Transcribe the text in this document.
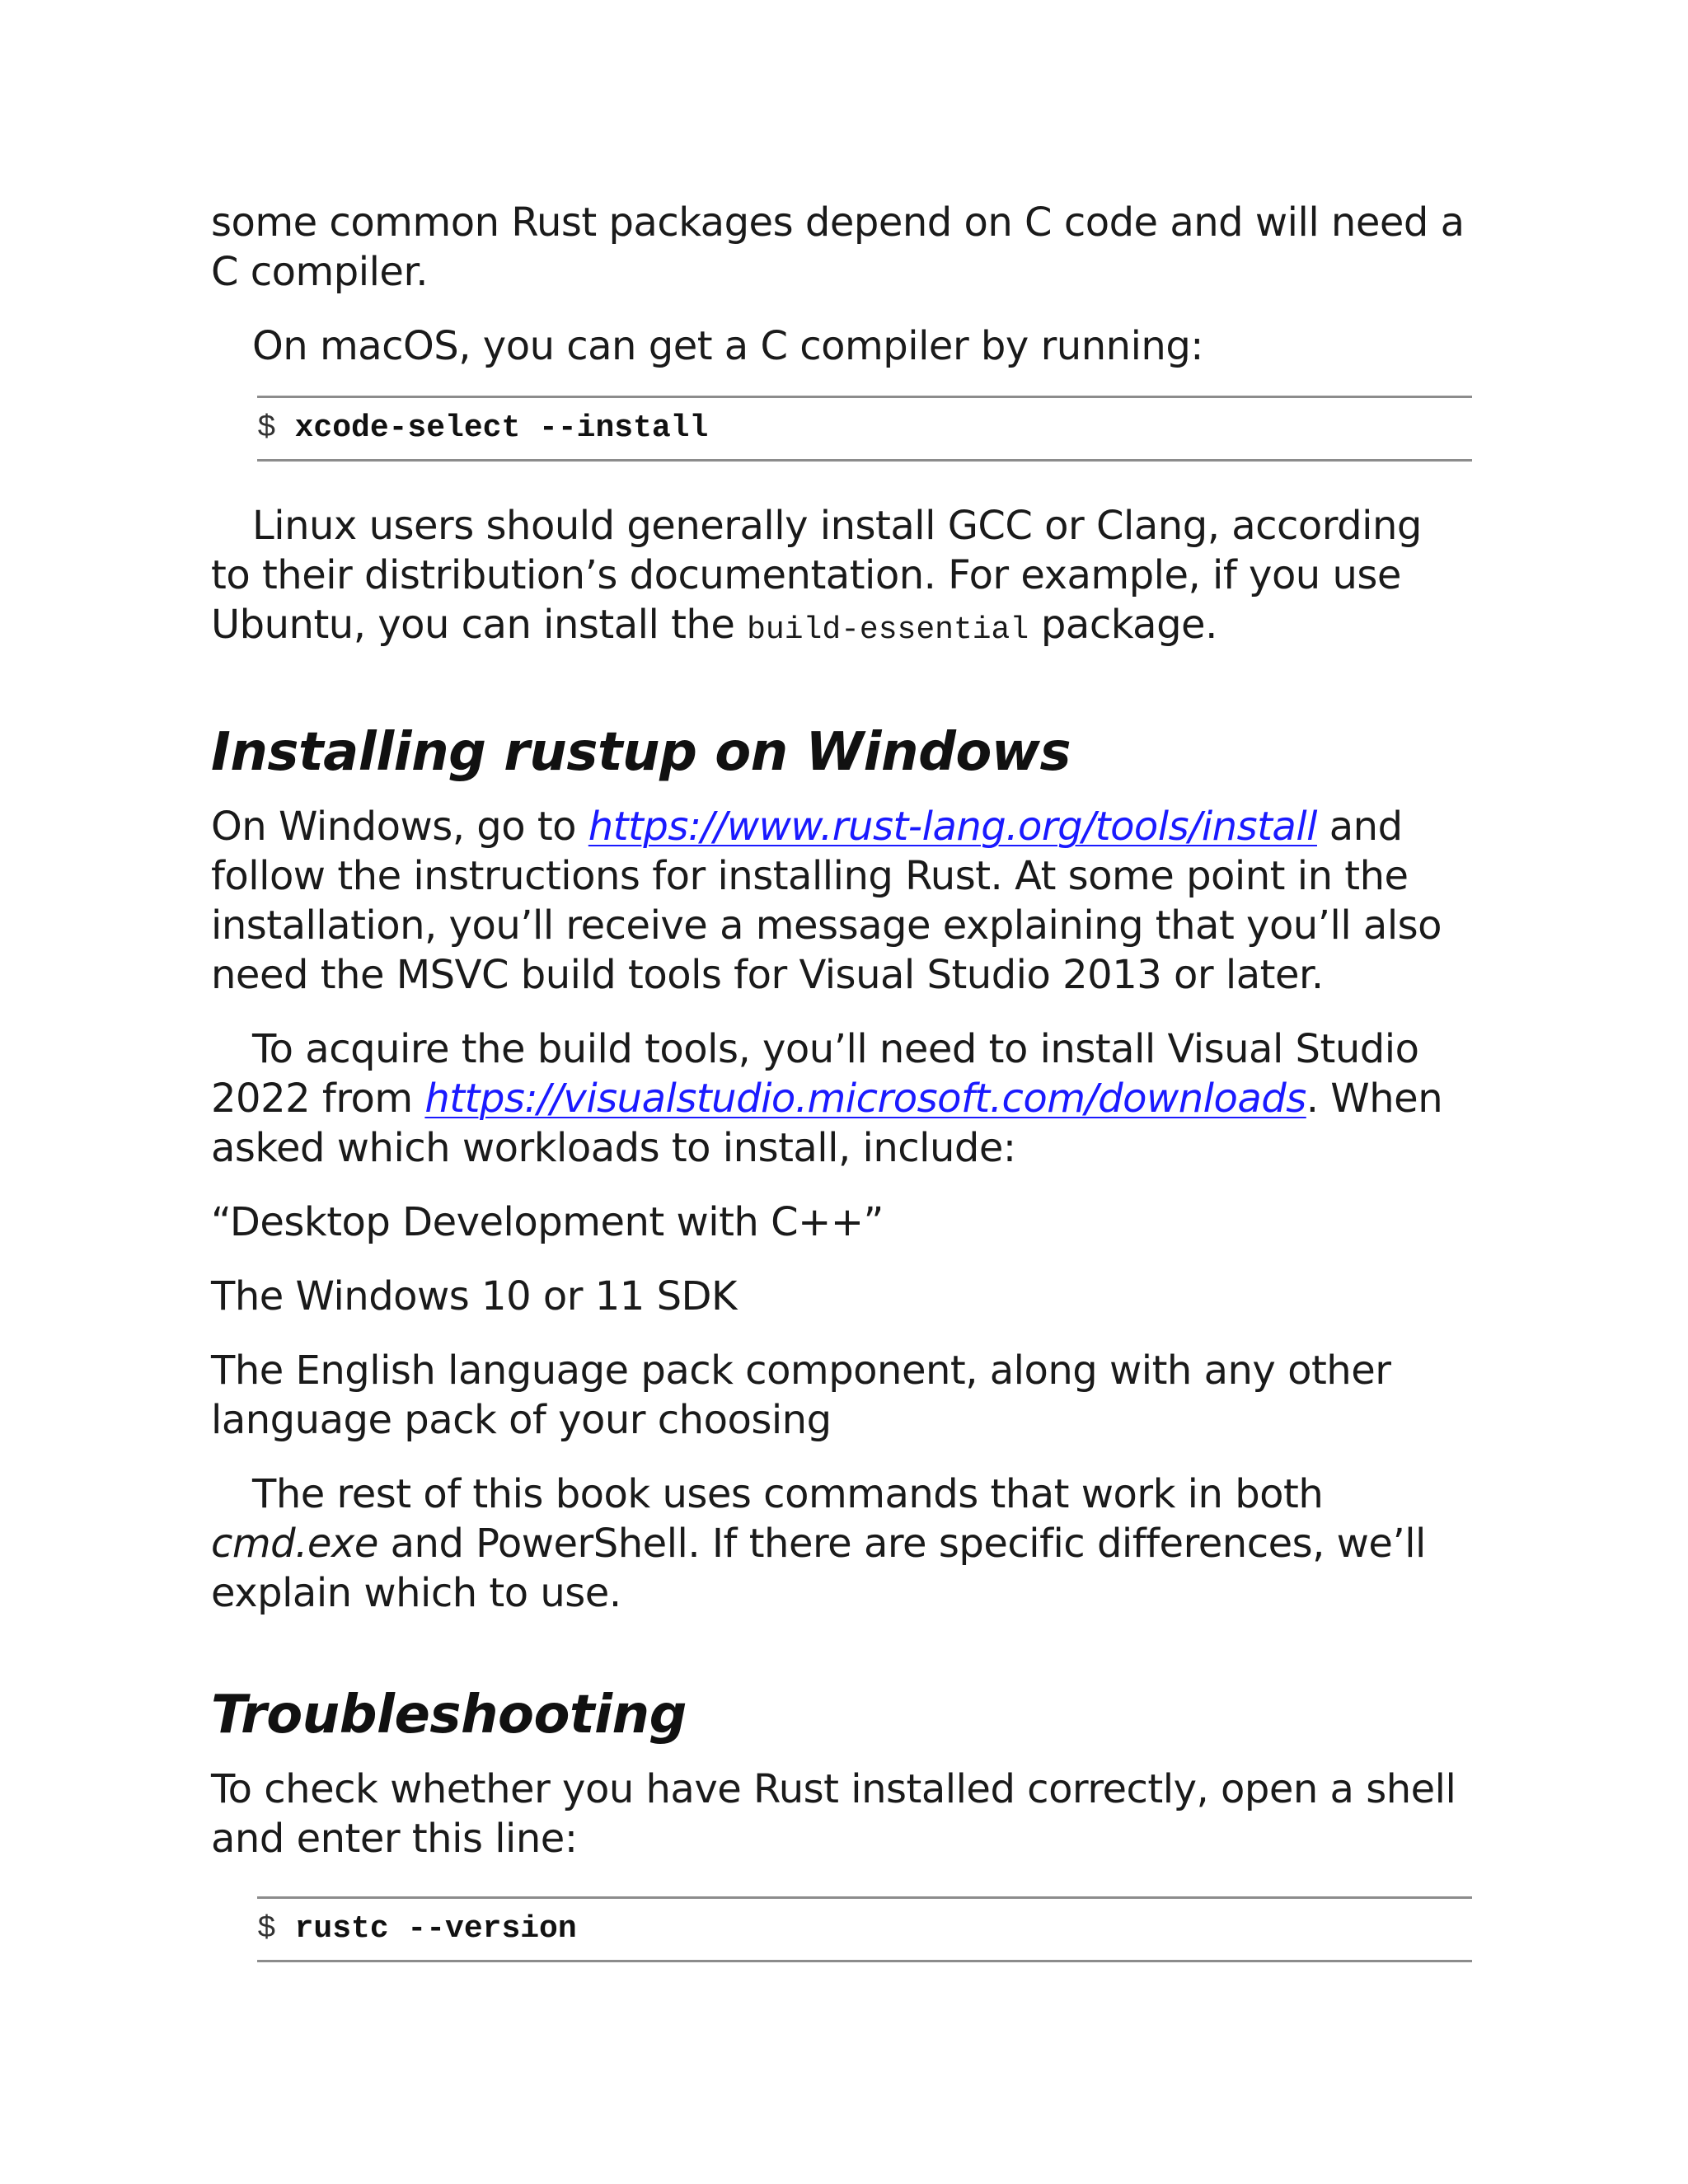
some common Rust packages depend on C code and will need a C compiler.

On macOS, you can get a C compiler by running:

$ xcode-select --install

Linux users should generally install GCC or Clang, according to their distribution’s documentation. For example, if you use Ubuntu, you can install the build-essential package.

Installing rustup on Windows

On Windows, go to https://www.rust-lang.org/tools/install and follow the instructions for installing Rust. At some point in the installation, you’ll receive a message explaining that you’ll also need the MSVC build tools for Visual Studio 2013 or later.

To acquire the build tools, you’ll need to install Visual Studio 2022 from https://visualstudio.microsoft.com/downloads. When asked which workloads to install, include:

“Desktop Development with C++”

The Windows 10 or 11 SDK

The English language pack component, along with any other language pack of your choosing

The rest of this book uses commands that work in both cmd.exe and PowerShell. If there are specific differences, we’ll explain which to use.

Troubleshooting

To check whether you have Rust installed correctly, open a shell and enter this line:

$ rustc --version
